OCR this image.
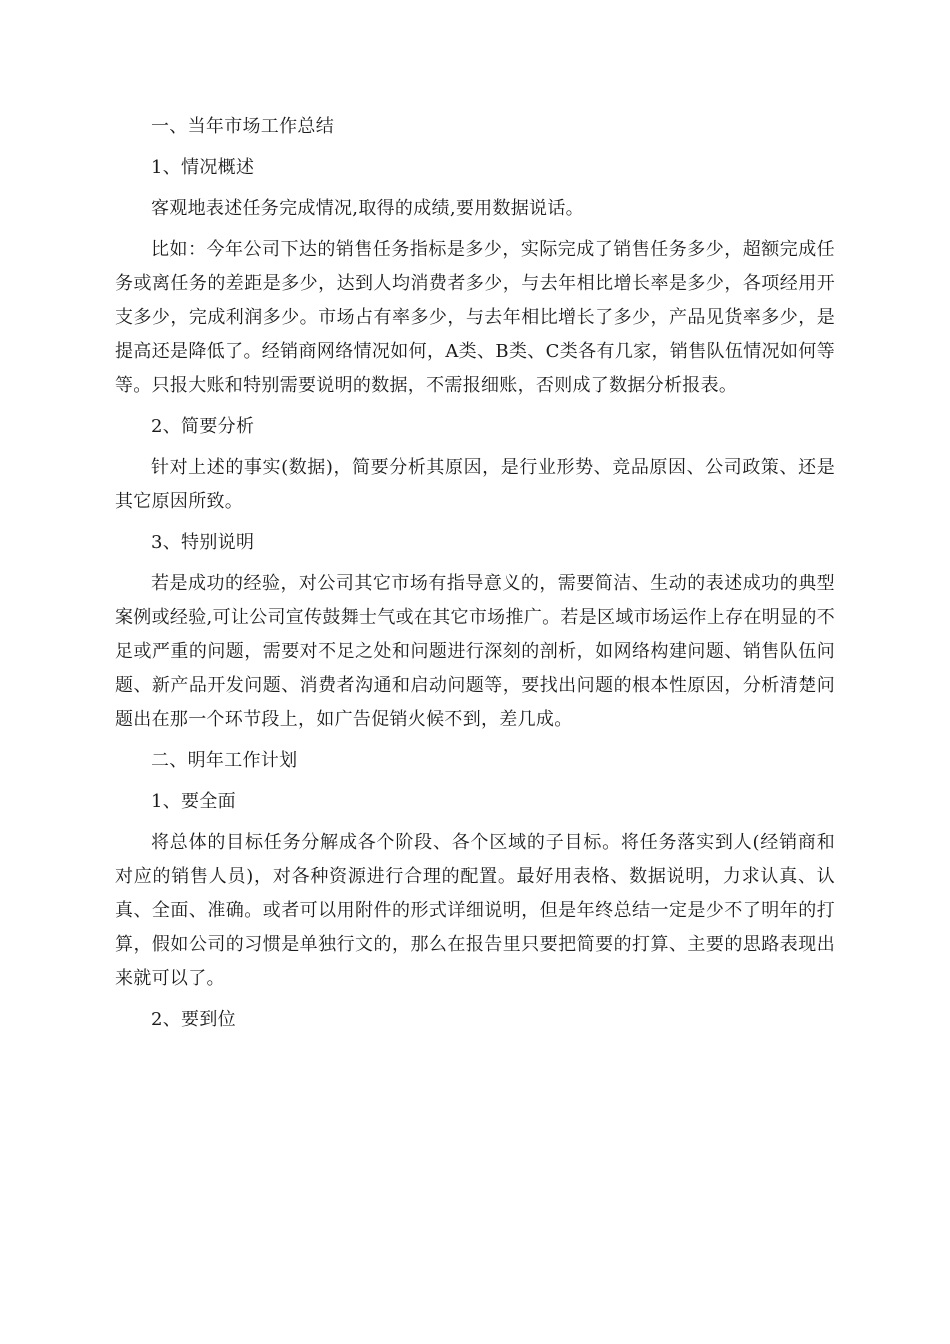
一、当年市场工作总结

1、情况概述

客观地表述任务完成情况,取得的成绩,要用数据说话。

比如：今年公司下达的销售任务指标是多少，实际完成了销售任务多少，超额完成任务或离任务的差距是多少，达到人均消费者多少，与去年相比增长率是多少，各项经用开支多少，完成利润多少。市场占有率多少，与去年相比增长了多少，产品见货率多少，是提高还是降低了。经销商网络情况如何，A类、B类、C类各有几家，销售队伍情况如何等等。只报大账和特别需要说明的数据，不需报细账，否则成了数据分析报表。

2、简要分析

针对上述的事实(数据)，简要分析其原因，是行业形势、竞品原因、公司政策、还是其它原因所致。

3、特别说明

若是成功的经验，对公司其它市场有指导意义的，需要简洁、生动的表述成功的典型案例或经验,可让公司宣传鼓舞士气或在其它市场推广。若是区域市场运作上存在明显的不足或严重的问题，需要对不足之处和问题进行深刻的剖析，如网络构建问题、销售队伍问题、新产品开发问题、消费者沟通和启动问题等，要找出问题的根本性原因，分析清楚问题出在那一个环节段上，如广告促销火候不到，差几成。

二、明年工作计划

1、要全面

将总体的目标任务分解成各个阶段、各个区域的子目标。将任务落实到人(经销商和对应的销售人员)，对各种资源进行合理的配置。最好用表格、数据说明，力求认真、认真、全面、准确。或者可以用附件的形式详细说明，但是年终总结一定是少不了明年的打算，假如公司的习惯是单独行文的，那么在报告里只要把简要的打算、主要的思路表现出来就可以了。

2、要到位
